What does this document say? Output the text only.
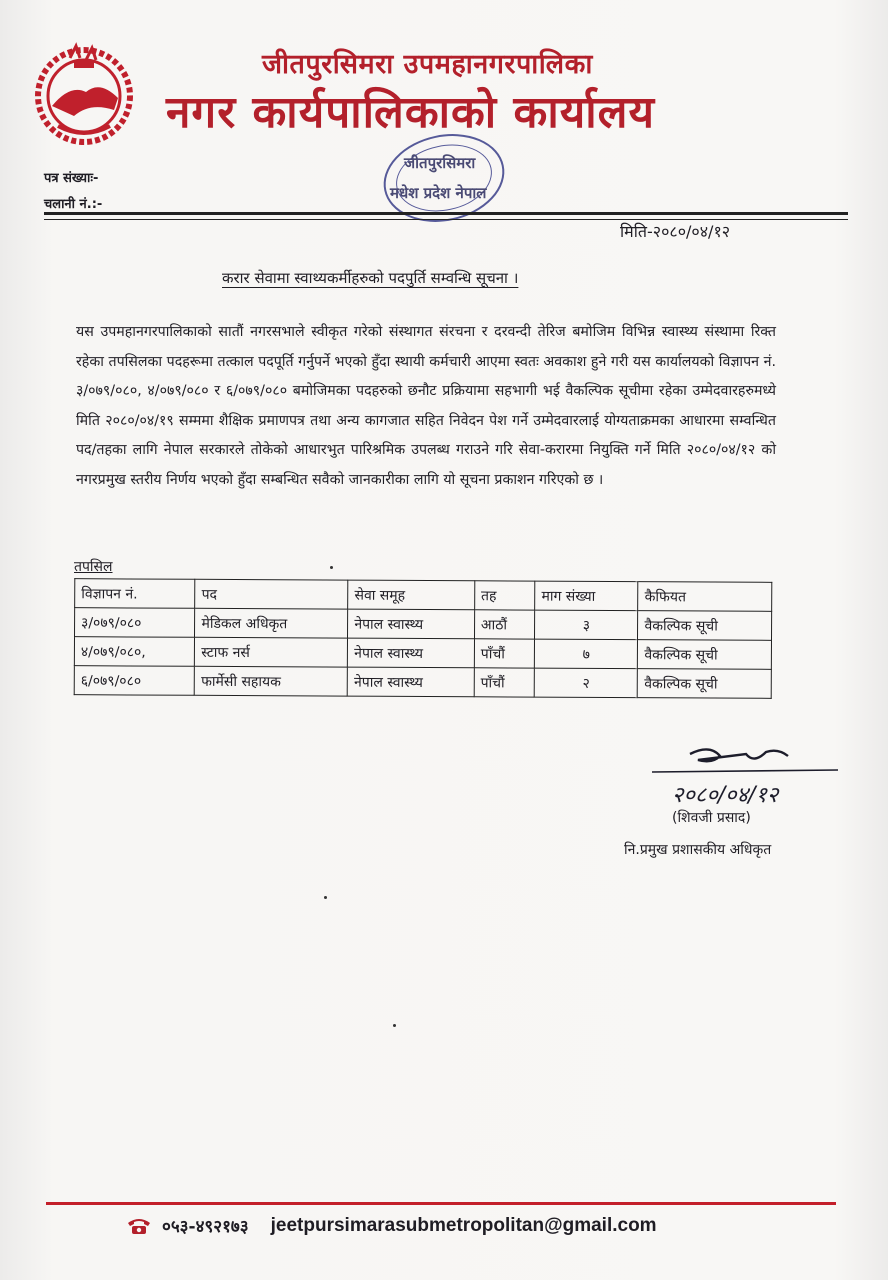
जीतपुरसिमरा उपमहानगरपालिका
नगर कार्यपालिकाको कार्यालय
पत्र संख्याः-
चलानी नं.:-
जीतपुरसिमरा
मधेश प्रदेश नेपाल
मिति-२०८०/०४/१२
करार सेवामा स्वाथ्यकर्मीहरुको पदपुर्ति सम्वन्धि सूचना ।
यस उपमहानगरपालिकाको सातौं नगरसभाले स्वीकृत गरेको संस्थागत संरचना र दरवन्दी तेरिज बमोजिम विभिन्न स्वास्थ्य संस्थामा रिक्त रहेका तपसिलका पदहरूमा तत्काल पदपूर्ति गर्नुपर्ने भएको हुँदा स्थायी कर्मचारी आएमा स्वतः अवकाश हुने गरी यस कार्यालयको विज्ञापन नं. ३/०७९/०८०, ४/०७९/०८० र ६/०७९/०८० बमोजिमका पदहरुको छनौट प्रक्रियामा सहभागी भई वैकल्पिक सूचीमा रहेका उम्मेदवारहरुमध्ये मिति २०८०/०४/१९ सम्ममा शैक्षिक प्रमाणपत्र तथा अन्य कागजात सहित निवेदन पेश गर्ने उम्मेदवारलाई योग्यताक्रमका आधारमा सम्वन्धित पद/तहका लागि नेपाल सरकारले तोकेको आधारभुत पारिश्रमिक उपलब्ध गराउने गरि सेवा-करारमा नियुक्ति गर्ने मिति २०८०/०४/१२ को नगरप्रमुख स्तरीय निर्णय भएको हुँदा सम्बन्धित सवैको जानकारीका लागि यो सूचना प्रकाशन गरिएको छ ।
तपसिल
विज्ञापन नं.	पद	सेवा समूह	तह	माग संख्या	कैफियत
३/०७९/०८०	मेडिकल अधिकृत	नेपाल स्वास्थ्य	आठौं	३	वैकल्पिक सूची
४/०७९/०८०,	स्टाफ नर्स	नेपाल स्वास्थ्य	पाँचौं	७	वैकल्पिक सूची
६/०७९/०८०	फार्मेसी सहायक	नेपाल स्वास्थ्य	पाँचौं	२	वैकल्पिक सूची
२०८०/०४/१२
(शिवजी प्रसाद)
नि.प्रमुख प्रशासकीय अधिकृत
०५३-४९२१७३ jeetpursimarasubmetropolitan@gmail.com
